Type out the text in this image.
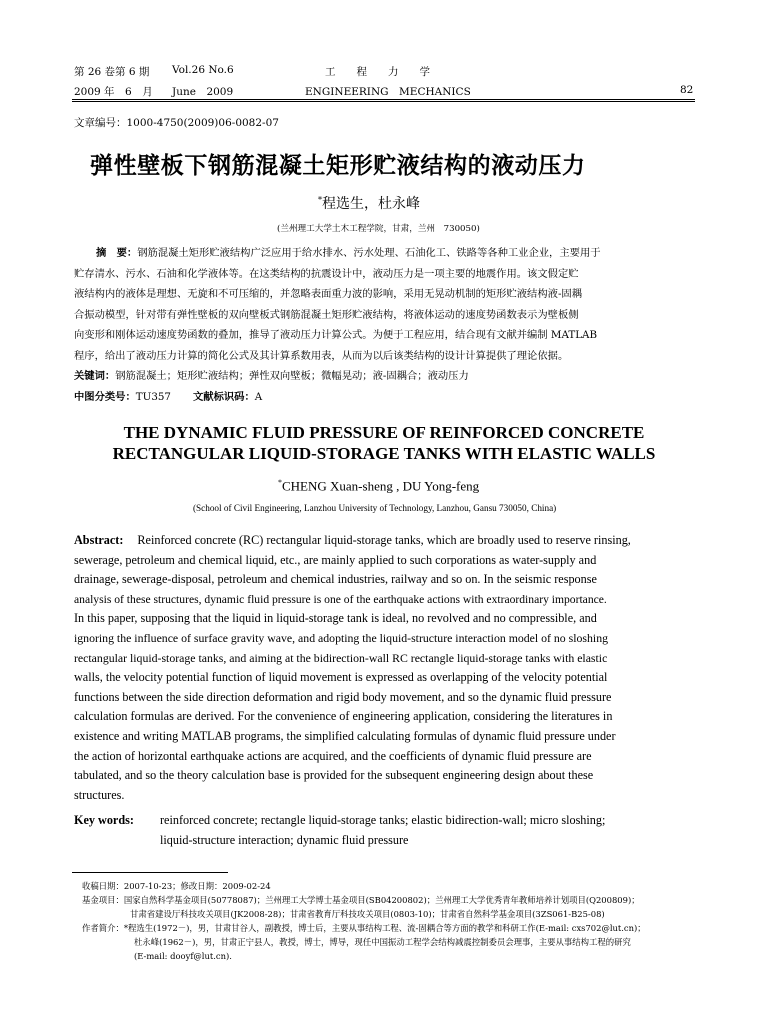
第 26 卷第 6 期 Vol.26 No.6	工　　程　　力　　学
2009 年　6　月 June　2009	ENGINEERING　MECHANICS	82
文章编号：1000-4750(2009)06-0082-07
弹性壁板下钢筋混凝土矩形贮液结构的液动压力
*程选生，杜永峰
(兰州理工大学土木工程学院，甘肃，兰州　730050)
摘　要：钢筋混凝土矩形贮液结构广泛应用于给水排水、污水处理、石油化工、铁路等各种工业企业，主要用于
贮存清水、污水、石油和化学液体等。在这类结构的抗震设计中，液动压力是一项主要的地震作用。该文假定贮
液结构内的液体是理想、无旋和不可压缩的，并忽略表面重力波的影响，采用无晃动机制的矩形贮液结构液-固耦
合振动模型，针对带有弹性壁板的双向壁板式钢筋混凝土矩形贮液结构，将液体运动的速度势函数表示为壁板侧
向变形和刚体运动速度势函数的叠加，推导了液动压力计算公式。为便于工程应用，结合现有文献并编制 MATLAB
程序，给出了液动压力计算的简化公式及其计算系数用表，从而为以后该类结构的设计计算提供了理论依据。
关键词：钢筋混凝土；矩形贮液结构；弹性双向壁板；微幅晃动；液-固耦合；液动压力
中图分类号：TU357 文献标识码：A
THE DYNAMIC FLUID PRESSURE OF REINFORCED CONCRETE
RECTANGULAR LIQUID-STORAGE TANKS WITH ELASTIC WALLS
*CHENG Xuan-sheng , DU Yong-feng
(School of Civil Engineering, Lanzhou University of Technology, Lanzhou, Gansu 730050, China)
Abstract: Reinforced concrete (RC) rectangular liquid-storage tanks, which are broadly used to reserve rinsing,
sewerage, petroleum and chemical liquid, etc., are mainly applied to such corporations as water-supply and
drainage, sewerage-disposal, petroleum and chemical industries, railway and so on. In the seismic response
analysis of these structures, dynamic fluid pressure is one of the earthquake actions with extraordinary importance.
In this paper, supposing that the liquid in liquid-storage tank is ideal, no revolved and no compressible, and
ignoring the influence of surface gravity wave, and adopting the liquid-structure interaction model of no sloshing
rectangular liquid-storage tanks, and aiming at the bidirection-wall RC rectangle liquid-storage tanks with elastic
walls, the velocity potential function of liquid movement is expressed as overlapping of the velocity potential
functions between the side direction deformation and rigid body movement, and so the dynamic fluid pressure
calculation formulas are derived. For the convenience of engineering application, considering the literatures in
existence and writing MATLAB programs, the simplified calculating formulas of dynamic fluid pressure under
the action of horizontal earthquake actions are acquired, and the coefficients of dynamic fluid pressure are
tabulated, and so the theory calculation base is provided for the subsequent engineering design about these
structures.
Key words: reinforced concrete; rectangle liquid-storage tanks; elastic bidirection-wall; micro sloshing;
liquid-structure interaction; dynamic fluid pressure
收稿日期：2007-10-23；修改日期：2009-02-24
基金项目：国家自然科学基金项目(50778087)；兰州理工大学博士基金项目(SB04200802)；兰州理工大学优秀青年教师培养计划项目(Q200809)；
甘肃省建设厅科技攻关项目(JK2008-28)；甘肃省教育厅科技攻关项目(0803-10)；甘肃省自然科学基金项目(3ZS061-B25-08)
作者简介：*程选生(1972－)，男，甘肃甘谷人，副教授，博士后，主要从事结构工程、流-固耦合等方面的教学和科研工作(E-mail: cxs702@lut.cn)；
杜永峰(1962－)，男，甘肃正宁县人，教授，博士，博导，现任中国振动工程学会结构减震控制委员会理事，主要从事结构工程的研究
(E-mail: dooyf@lut.cn).
